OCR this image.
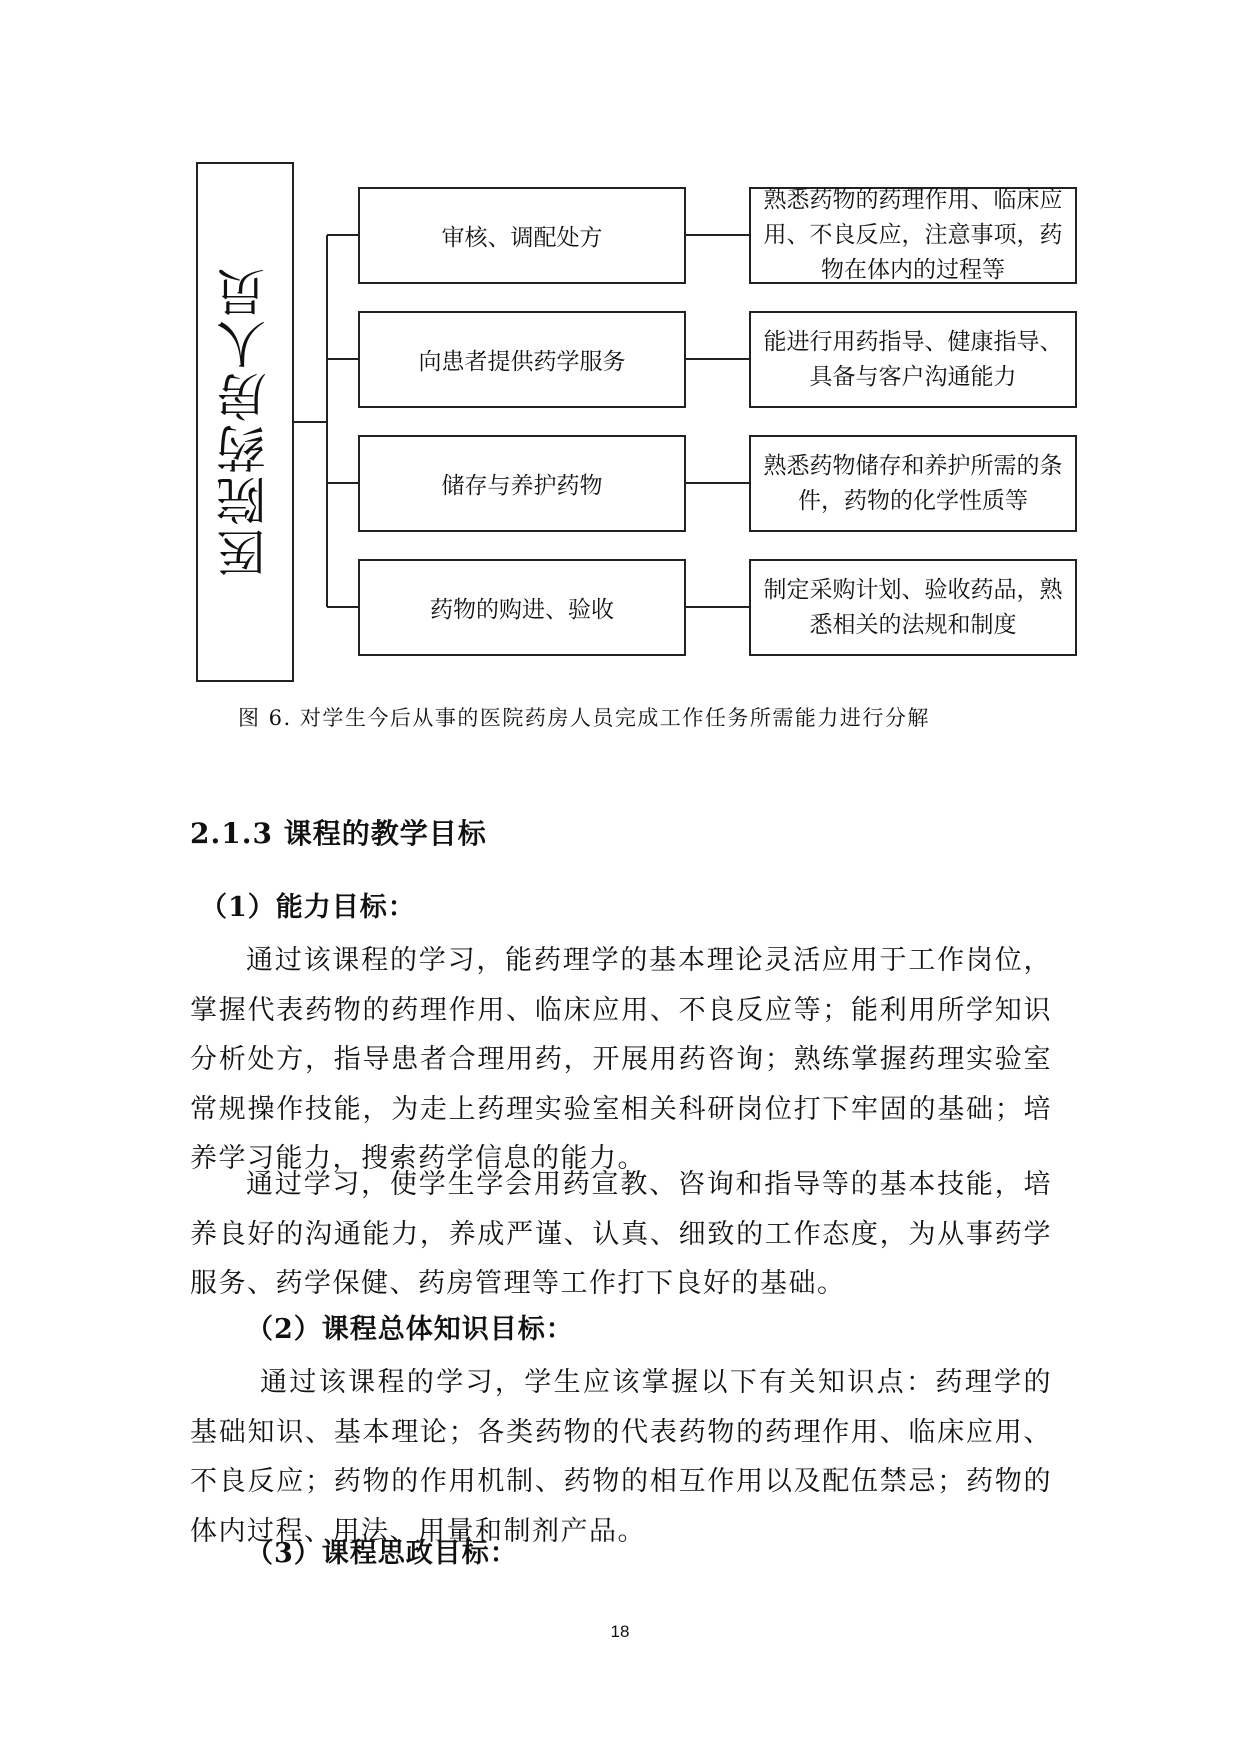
医院药房人员
审核、调配处方
向患者提供药学服务
储存与养护药物
药物的购进、验收
熟悉药物的药理作用、临床应用、不良反应，注意事项，药物在体内的过程等
能进行用药指导、健康指导、具备与客户沟通能力
熟悉药物储存和养护所需的条件，药物的化学性质等
制定采购计划、验收药品，熟悉相关的法规和制度
图 6. 对学生今后从事的医院药房人员完成工作任务所需能力进行分解
2.1.3 课程的教学目标
（1）能力目标：
通过该课程的学习，能药理学的基本理论灵活应用于工作岗位，掌握代表药物的药理作用、临床应用、不良反应等；能利用所学知识分析处方，指导患者合理用药，开展用药咨询；熟练掌握药理实验室常规操作技能，为走上药理实验室相关科研岗位打下牢固的基础；培养学习能力，搜索药学信息的能力。
通过学习，使学生学会用药宣教、咨询和指导等的基本技能，培养良好的沟通能力，养成严谨、认真、细致的工作态度，为从事药学服务、药学保健、药房管理等工作打下良好的基础。
（2）课程总体知识目标：
通过该课程的学习，学生应该掌握以下有关知识点：药理学的基础知识、基本理论；各类药物的代表药物的药理作用、临床应用、不良反应；药物的作用机制、药物的相互作用以及配伍禁忌；药物的体内过程、用法、用量和制剂产品。
（3）课程思政目标：
18
